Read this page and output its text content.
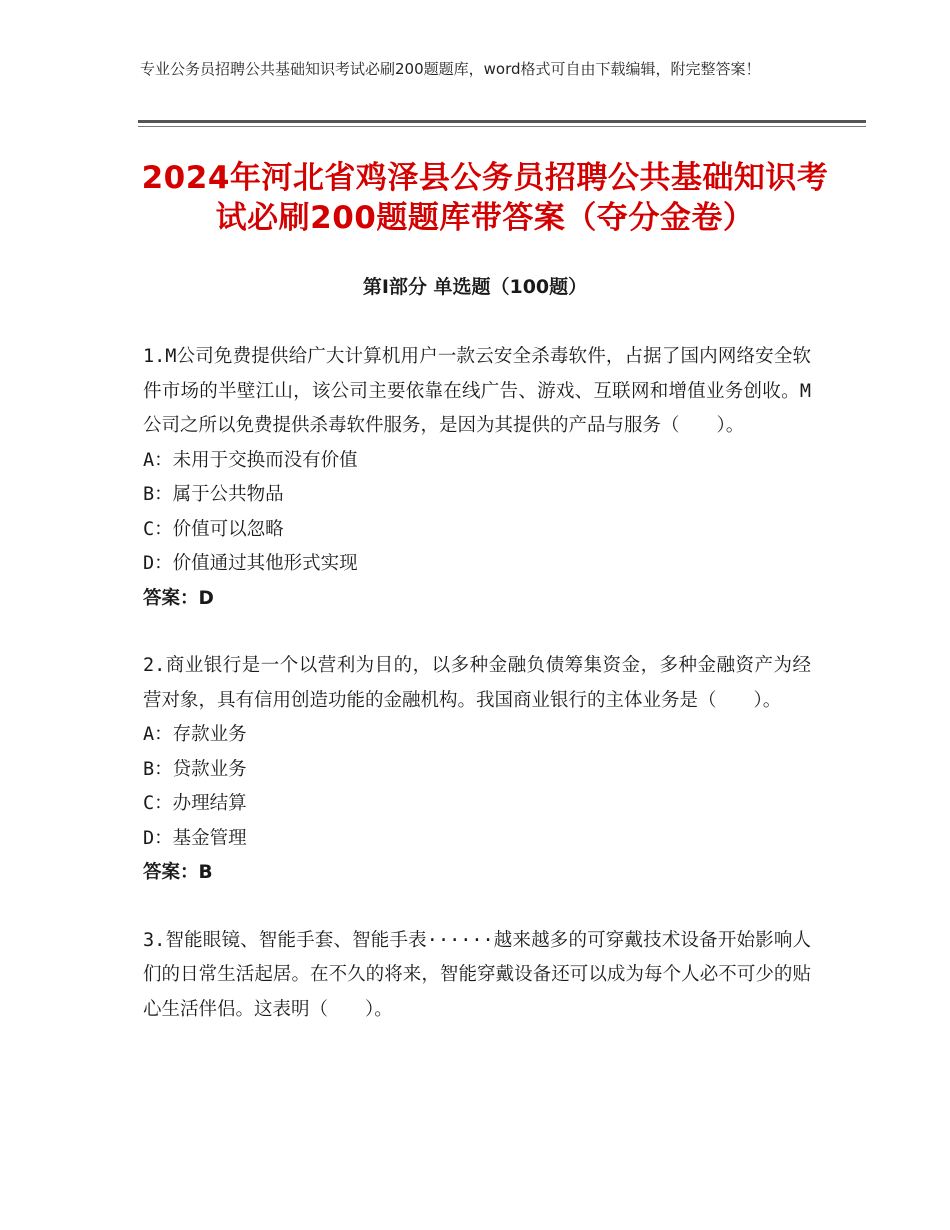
专业公务员招聘公共基础知识考试必刷200题题库，word格式可自由下载编辑，附完整答案！
2024年河北省鸡泽县公务员招聘公共基础知识考试必刷200题题库带答案（夺分金卷）
第Ⅰ部分 单选题（100题）

1.M公司免费提供给广大计算机用户一款云安全杀毒软件，占据了国内网络安全软件市场的半壁江山，该公司主要依靠在线广告、游戏、互联网和增值业务创收。M公司之所以免费提供杀毒软件服务，是因为其提供的产品与服务（　　）。

A：未用于交换而没有价值

B：属于公共物品

C：价值可以忽略

D：价值通过其他形式实现

答案：D

2.商业银行是一个以营利为目的，以多种金融负债筹集资金，多种金融资产为经营对象，具有信用创造功能的金融机构。我国商业银行的主体业务是（　　）。

A：存款业务

B：贷款业务

C：办理结算

D：基金管理

答案：B

3.智能眼镜、智能手套、智能手表······越来越多的可穿戴技术设备开始影响人们的日常生活起居。在不久的将来，智能穿戴设备还可以成为每个人必不可少的贴心生活伴侣。这表明（　　）。
